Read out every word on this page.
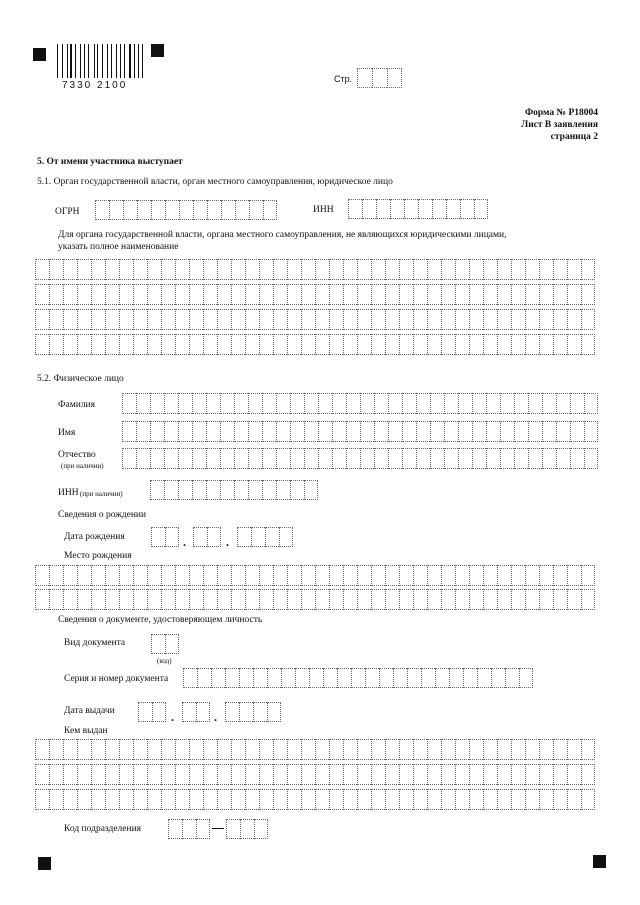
7330 2100
Стр.
Форма № Р18004
Лист В заявления
страница 2
5. От имени участника выступает
5.1. Орган государственной власти, орган местного самоуправления, юридическое лицо
ОГРН	ИНН
Для органа государственной власти, органа местного самоуправления, не являющихся юридическими лицами,
указать полное наименование
5.2. Физическое лицо
Фамилия
Имя
Отчество
(при наличии)
ИНН (при наличии)
Сведения о рождении
Дата рождения	.	.
Место рождения
Сведения о документе, удостоверяющем личность
Вид документа
(код)
Серия и номер документа
Дата выдачи	.	.
Кем выдан
Код подразделения
